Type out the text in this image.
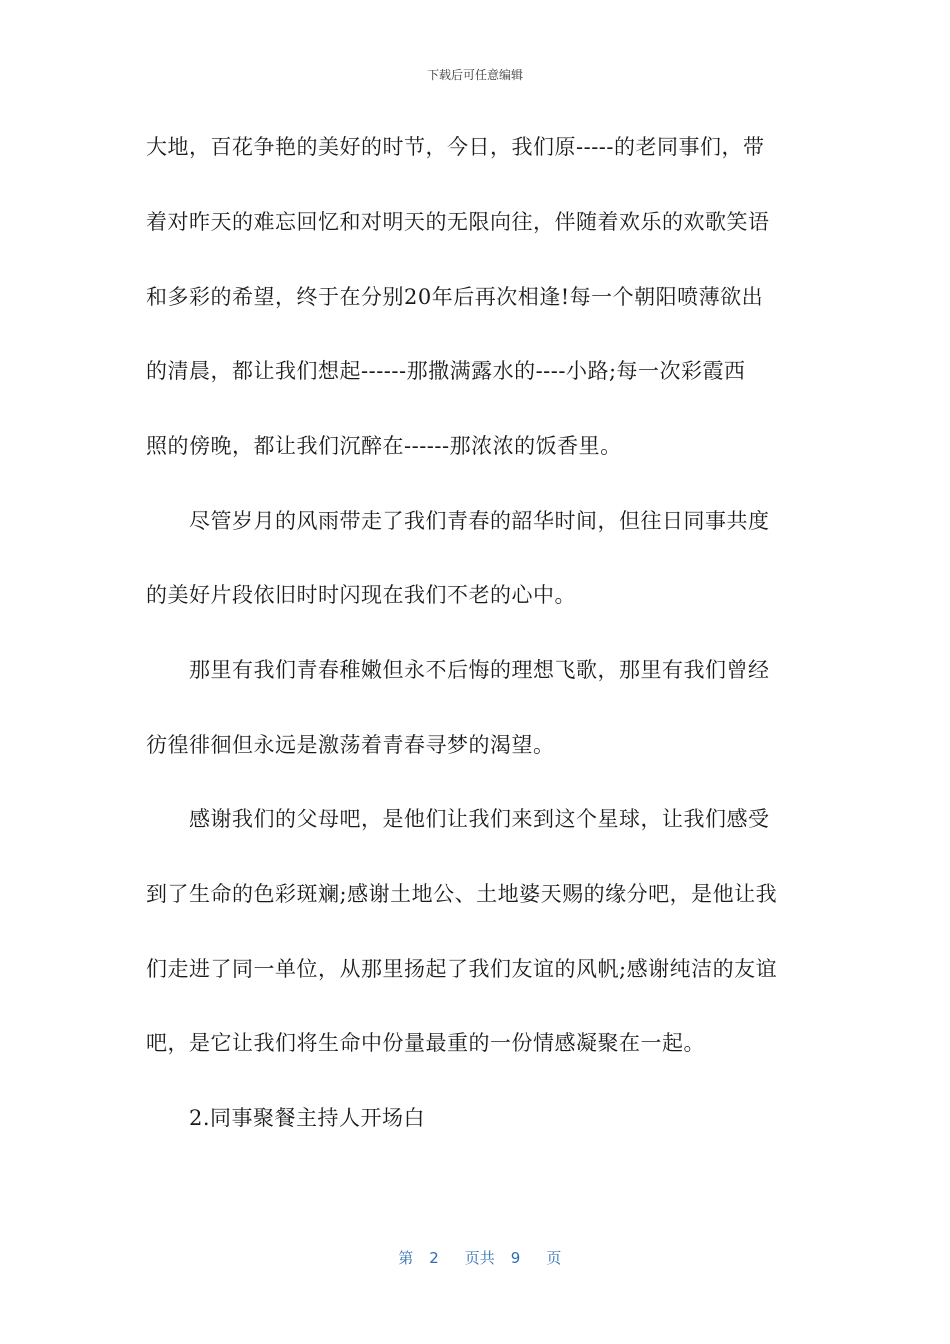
下载后可任意编辑
大地，百花争艳的美好的时节，今日，我们原-----的老同事们，带
着对昨天的难忘回忆和对明天的无限向往，伴随着欢乐的欢歌笑语
和多彩的希望，终于在分别20年后再次相逢!每一个朝阳喷薄欲出
的清晨，都让我们想起------那撒满露水的----小路;每一次彩霞西
照的傍晚，都让我们沉醉在------那浓浓的饭香里。
尽管岁月的风雨带走了我们青春的韶华时间，但往日同事共度
的美好片段依旧时时闪现在我们不老的心中。
那里有我们青春稚嫩但永不后悔的理想飞歌，那里有我们曾经
彷徨徘徊但永远是激荡着青春寻梦的渴望。
感谢我们的父母吧，是他们让我们来到这个星球，让我们感受
到了生命的色彩斑斓;感谢土地公、土地婆天赐的缘分吧，是他让我
们走进了同一单位，从那里扬起了我们友谊的风帆;感谢纯洁的友谊
吧，是它让我们将生命中份量最重的一份情感凝聚在一起。
2.同事聚餐主持人开场白

第 2 页共 9 页
